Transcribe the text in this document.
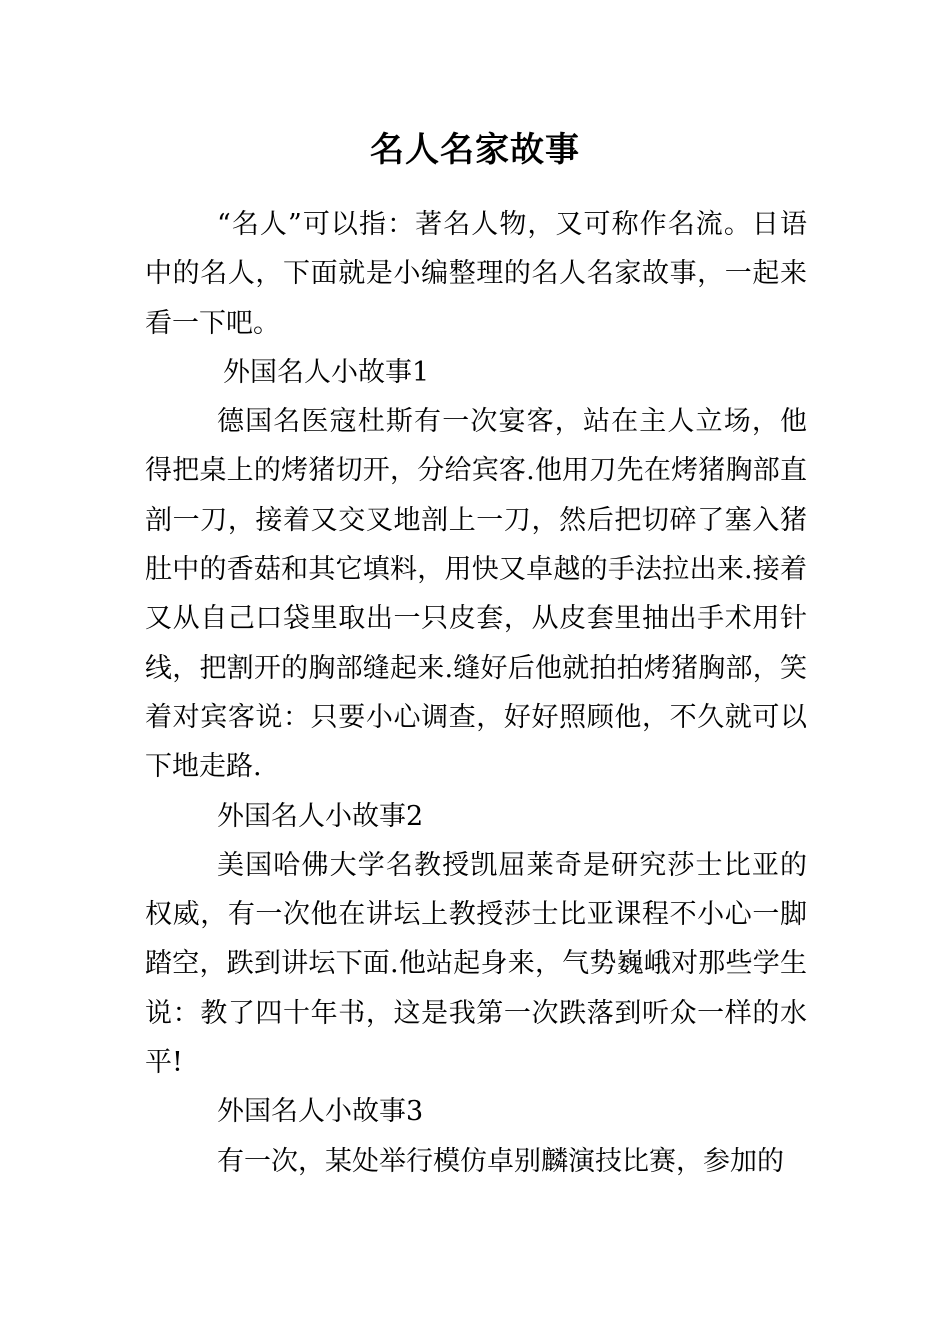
名人名家故事

“名人”可以指：著名人物，又可称作名流。日语中的名人，下面就是小编整理的名人名家故事，一起来看一下吧。

外国名人小故事1

德国名医寇杜斯有一次宴客，站在主人立场，他得把桌上的烤猪切开，分给宾客.他用刀先在烤猪胸部直剖一刀，接着又交叉地剖上一刀，然后把切碎了塞入猪肚中的香菇和其它填料，用快又卓越的手法拉出来.接着又从自己口袋里取出一只皮套，从皮套里抽出手术用针线，把割开的胸部缝起来.缝好后他就拍拍烤猪胸部，笑着对宾客说：只要小心调查，好好照顾他，不久就可以下地走路.

外国名人小故事2

美国哈佛大学名教授凯屈莱奇是研究莎士比亚的权威，有一次他在讲坛上教授莎士比亚课程不小心一脚踏空，跌到讲坛下面.他站起身来，气势巍峨对那些学生说：教了四十年书，这是我第一次跌落到听众一样的水平!

外国名人小故事3

有一次，某处举行模仿卓别麟演技比赛，参加的
